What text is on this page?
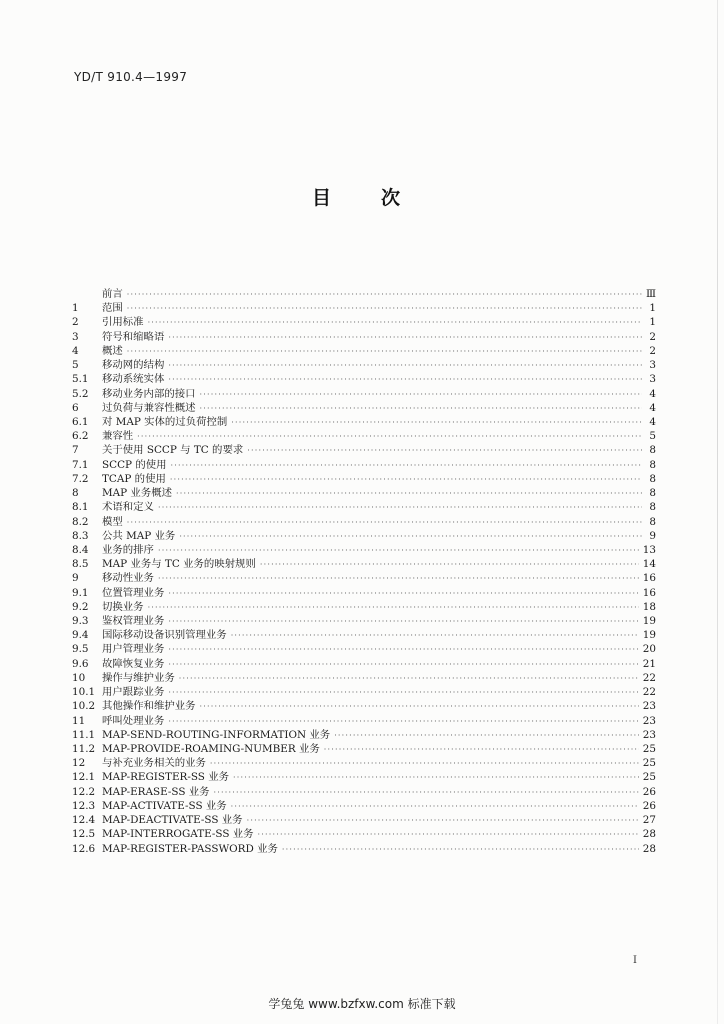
YD/T 910.4—1997
目	次
前言 ·····	Ⅲ
1	范围 ·····	1
2	引用标准 ·····	1
3	符号和缩略语 ·····	2
4	概述 ·····	2
5	移动网的结构 ·····	3
5.1	移动系统实体 ·····	3
5.2	移动业务内部的接口 ·····	4
6	过负荷与兼容性概述 ·····	4
6.1	对 MAP 实体的过负荷控制 ·····	4
6.2	兼容性 ·····	5
7	关于使用 SCCP 与 TC 的要求 ·····	8
7.1	SCCP 的使用 ·····	8
7.2	TCAP 的使用 ·····	8
8	MAP 业务概述 ·····	8
8.1	术语和定义 ·····	8
8.2	模型 ·····	8
8.3	公共 MAP 业务 ·····	9
8.4	业务的排序 ·····	13
8.5	MAP 业务与 TC 业务的映射规则 ·····	14
9	移动性业务 ·····	16
9.1	位置管理业务 ·····	16
9.2	切换业务 ·····	18
9.3	鉴权管理业务 ·····	19
9.4	国际移动设备识别管理业务 ·····	19
9.5	用户管理业务 ·····	20
9.6	故障恢复业务 ·····	21
10	操作与维护业务 ·····	22
10.1 用户跟踪业务 ·····	22
10.2 其他操作和维护业务 ·····	23
11	呼叫处理业务 ·····	23
11.1 MAP-SEND-ROUTING-INFORMATION 业务 ·····	23
11.2 MAP-PROVIDE-ROAMING-NUMBER 业务 ·····	25
12	与补充业务相关的业务 ·····	25
12.1 MAP-REGISTER-SS 业务 ·····	25
12.2 MAP-ERASE-SS 业务 ·····	26
12.3 MAP-ACTIVATE-SS 业务 ·····	26
12.4 MAP-DEACTIVATE-SS 业务 ·····	27
12.5 MAP-INTERROGATE-SS 业务 ·····	28
12.6 MAP-REGISTER-PASSWORD 业务 ·····	28
I
学兔兔 www.bzfxw.com 标准下载
